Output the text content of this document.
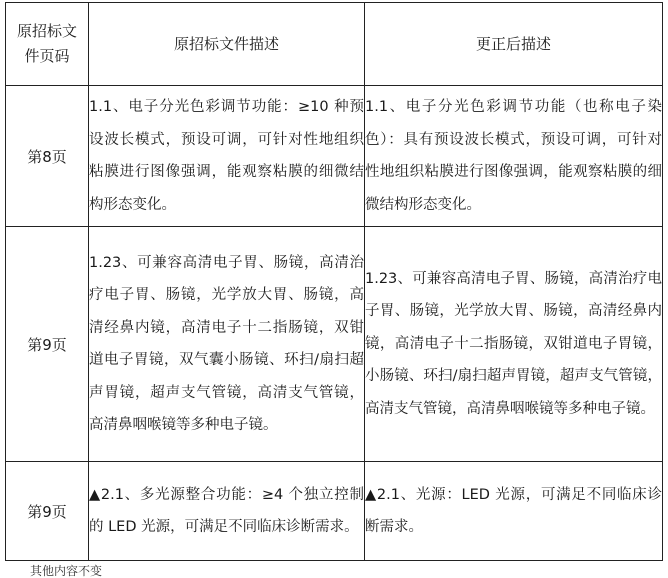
原招标文件页码	原招标文件描述	更正后描述
第8页	1.1、电子分光色彩调节功能：≥10 种预设波长模式，预设可调，可针对性地组织粘膜进行图像强调，能观察粘膜的细微结构形态变化。	1.1、电子分光色彩调节功能（也称电子染色）：具有预设波长模式，预设可调，可针对性地组织粘膜进行图像强调，能观察粘膜的细微结构形态变化。
第9页	1.23、可兼容高清电子胃、肠镜，高清治疗电子胃、肠镜，光学放大胃、肠镜，高清经鼻内镜，高清电子十二指肠镜，双钳道电子胃镜，双气囊小肠镜、环扫/扇扫超声胃镜，超声支气管镜，高清支气管镜，高清鼻咽喉镜等多种电子镜。	1.23、可兼容高清电子胃、肠镜，高清治疗电子胃、肠镜，光学放大胃、肠镜，高清经鼻内镜，高清电子十二指肠镜，双钳道电子胃镜，小肠镜、环扫/扇扫超声胃镜，超声支气管镜，高清支气管镜，高清鼻咽喉镜等多种电子镜。
第9页	▲2.1、多光源整合功能：≥4 个独立控制的 LED 光源，可满足不同临床诊断需求。	▲2.1、光源：LED 光源，可满足不同临床诊断需求。
其他内容不变
